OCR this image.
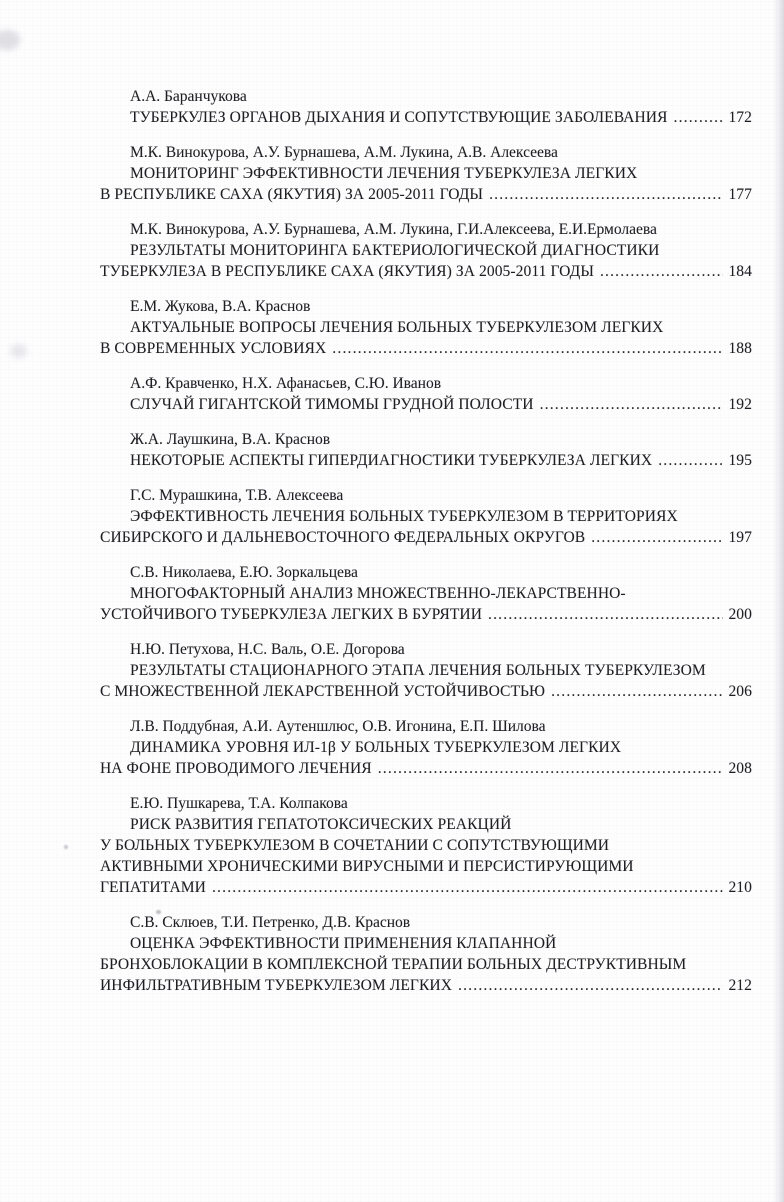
А.А. Баранчукова
ТУБЕРКУЛЕЗ ОРГАНОВ ДЫХАНИЯ И СОПУТСТВУЮЩИЕ ЗАБОЛЕВАНИЯ .....	172
М.К. Винокурова, А.У. Бурнашева, А.М. Лукина, А.В. Алексеева
МОНИТОРИНГ ЭФФЕКТИВНОСТИ ЛЕЧЕНИЯ ТУБЕРКУЛЕЗА ЛЕГКИХ
В РЕСПУБЛИКЕ САХА (ЯКУТИЯ) ЗА 2005-2011 ГОДЫ .....	177
М.К. Винокурова, А.У. Бурнашева, А.М. Лукина, Г.И.Алексеева, Е.И.Ермолаева
РЕЗУЛЬТАТЫ МОНИТОРИНГА БАКТЕРИОЛОГИЧЕСКОЙ ДИАГНОСТИКИ
ТУБЕРКУЛЕЗА В РЕСПУБЛИКЕ САХА (ЯКУТИЯ) ЗА 2005-2011 ГОДЫ .....	184
Е.М. Жукова, В.А. Краснов
АКТУАЛЬНЫЕ ВОПРОСЫ ЛЕЧЕНИЯ БОЛЬНЫХ ТУБЕРКУЛЕЗОМ ЛЕГКИХ
В СОВРЕМЕННЫХ УСЛОВИЯХ .....	188
А.Ф. Кравченко, Н.Х. Афанасьев, С.Ю. Иванов
СЛУЧАЙ ГИГАНТСКОЙ ТИМОМЫ ГРУДНОЙ ПОЛОСТИ .....	192
Ж.А. Лаушкина, В.А. Краснов
НЕКОТОРЫЕ АСПЕКТЫ ГИПЕРДИАГНОСТИКИ ТУБЕРКУЛЕЗА ЛЕГКИХ .....	195
Г.С. Мурашкина, Т.В. Алексеева
ЭФФЕКТИВНОСТЬ ЛЕЧЕНИЯ БОЛЬНЫХ ТУБЕРКУЛЕЗОМ В ТЕРРИТОРИЯХ
СИБИРСКОГО И ДАЛЬНЕВОСТОЧНОГО ФЕДЕРАЛЬНЫХ ОКРУГОВ .....	197
С.В. Николаева, Е.Ю. Зоркальцева
МНОГОФАКТОРНЫЙ АНАЛИЗ МНОЖЕСТВЕННО-ЛЕКАРСТВЕННО-
УСТОЙЧИВОГО ТУБЕРКУЛЕЗА ЛЕГКИХ В БУРЯТИИ .....	200
Н.Ю. Петухова, Н.С. Валь, О.Е. Догорова
РЕЗУЛЬТАТЫ СТАЦИОНАРНОГО ЭТАПА ЛЕЧЕНИЯ БОЛЬНЫХ ТУБЕРКУЛЕЗОМ
С МНОЖЕСТВЕННОЙ ЛЕКАРСТВЕННОЙ УСТОЙЧИВОСТЬЮ .....	206
Л.В. Поддубная, А.И. Аутеншлюс, О.В. Игонина, Е.П. Шилова
ДИНАМИКА УРОВНЯ ИЛ-1β У БОЛЬНЫХ ТУБЕРКУЛЕЗОМ ЛЕГКИХ
НА ФОНЕ ПРОВОДИМОГО ЛЕЧЕНИЯ .....	208
Е.Ю. Пушкарева, Т.А. Колпакова
РИСК РАЗВИТИЯ ГЕПАТОТОКСИЧЕСКИХ РЕАКЦИЙ
У БОЛЬНЫХ ТУБЕРКУЛЕЗОМ В СОЧЕТАНИИ С СОПУТСТВУЮЩИМИ
АКТИВНЫМИ ХРОНИЧЕСКИМИ ВИРУСНЫМИ И ПЕРСИСТИРУЮЩИМИ
ГЕПАТИТАМИ .....	210
С.В. Склюев, Т.И. Петренко, Д.В. Краснов
ОЦЕНКА ЭФФЕКТИВНОСТИ ПРИМЕНЕНИЯ КЛАПАННОЙ
БРОНХОБЛОКАЦИИ В КОМПЛЕКСНОЙ ТЕРАПИИ БОЛЬНЫХ ДЕСТРУКТИВНЫМ
ИНФИЛЬТРАТИВНЫМ ТУБЕРКУЛЕЗОМ ЛЕГКИХ .....	212
